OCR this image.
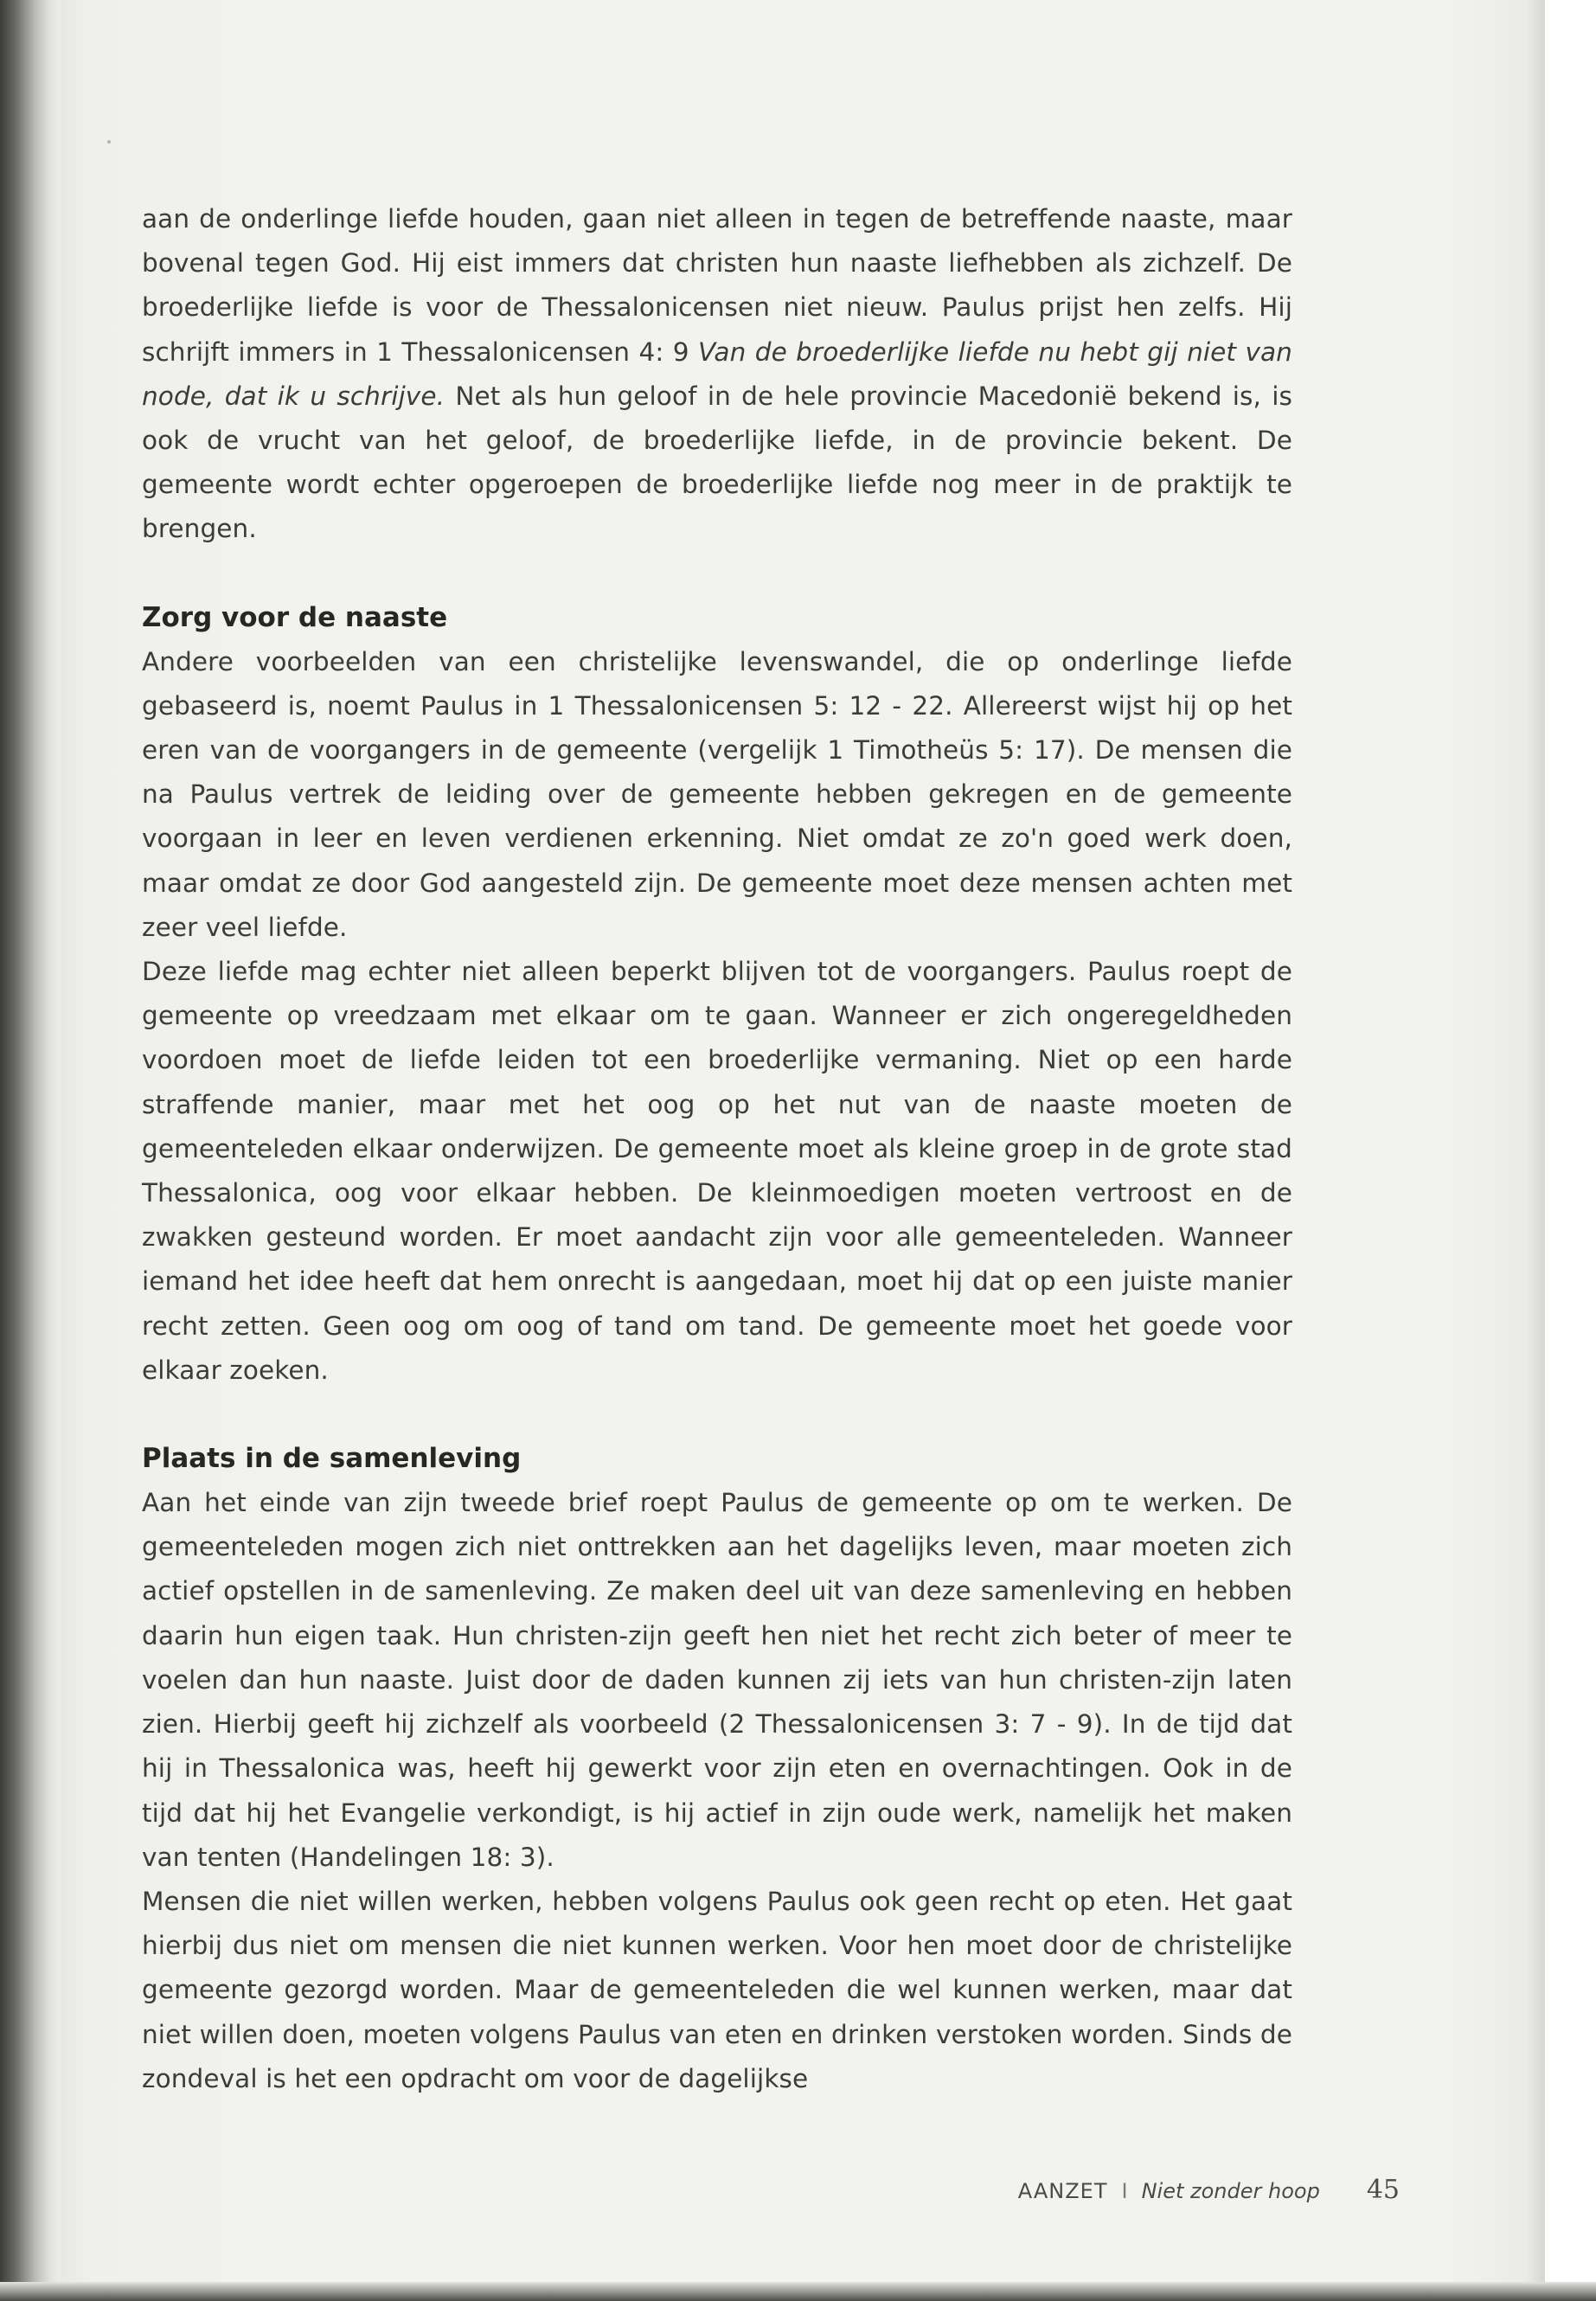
aan de onderlinge liefde houden, gaan niet alleen in tegen de betreffende naaste, maar bovenal tegen God. Hij eist immers dat christen hun naaste liefhebben als zichzelf. De broederlijke liefde is voor de Thessalonicensen niet nieuw. Paulus prijst hen zelfs. Hij schrijft immers in 1 Thessalonicensen 4: 9 Van de broederlijke liefde nu hebt gij niet van node, dat ik u schrijve. Net als hun geloof in de hele provincie Macedonië bekend is, is ook de vrucht van het geloof, de broederlijke liefde, in de provincie bekent. De gemeente wordt echter opgeroepen de broederlijke liefde nog meer in de praktijk te brengen.

Zorg voor de naaste

Andere voorbeelden van een christelijke levenswandel, die op onderlinge liefde gebaseerd is, noemt Paulus in 1 Thessalonicensen 5: 12 - 22. Allereerst wijst hij op het eren van de voorgangers in de gemeente (vergelijk 1 Timotheüs 5: 17). De mensen die na Paulus vertrek de leiding over de gemeente hebben gekregen en de gemeente voorgaan in leer en leven verdienen erkenning. Niet omdat ze zo'n goed werk doen, maar omdat ze door God aangesteld zijn. De gemeente moet deze mensen achten met zeer veel liefde.

Deze liefde mag echter niet alleen beperkt blijven tot de voorgangers. Paulus roept de gemeente op vreedzaam met elkaar om te gaan. Wanneer er zich ongeregeldheden voordoen moet de liefde leiden tot een broederlijke vermaning. Niet op een harde straffende manier, maar met het oog op het nut van de naaste moeten de gemeenteleden elkaar onderwijzen. De gemeente moet als kleine groep in de grote stad Thessalonica, oog voor elkaar hebben. De kleinmoedigen moeten vertroost en de zwakken gesteund worden. Er moet aandacht zijn voor alle gemeenteleden. Wanneer iemand het idee heeft dat hem onrecht is aangedaan, moet hij dat op een juiste manier recht zetten. Geen oog om oog of tand om tand. De gemeente moet het goede voor elkaar zoeken.

Plaats in de samenleving

Aan het einde van zijn tweede brief roept Paulus de gemeente op om te werken. De gemeenteleden mogen zich niet onttrekken aan het dagelijks leven, maar moeten zich actief opstellen in de samenleving. Ze maken deel uit van deze samenleving en hebben daarin hun eigen taak. Hun christen-zijn geeft hen niet het recht zich beter of meer te voelen dan hun naaste. Juist door de daden kunnen zij iets van hun christen-zijn laten zien. Hierbij geeft hij zichzelf als voorbeeld (2 Thessalonicensen 3: 7 - 9). In de tijd dat hij in Thessalonica was, heeft hij gewerkt voor zijn eten en overnachtingen. Ook in de tijd dat hij het Evangelie verkondigt, is hij actief in zijn oude werk, namelijk het maken van tenten (Handelingen 18: 3).

Mensen die niet willen werken, hebben volgens Paulus ook geen recht op eten. Het gaat hierbij dus niet om mensen die niet kunnen werken. Voor hen moet door de christelijke gemeente gezorgd worden. Maar de gemeenteleden die wel kunnen werken, maar dat niet willen doen, moeten volgens Paulus van eten en drinken verstoken worden. Sinds de zondeval is het een opdracht om voor de dagelijkse

AANZET I Niet zonder hoop 45
